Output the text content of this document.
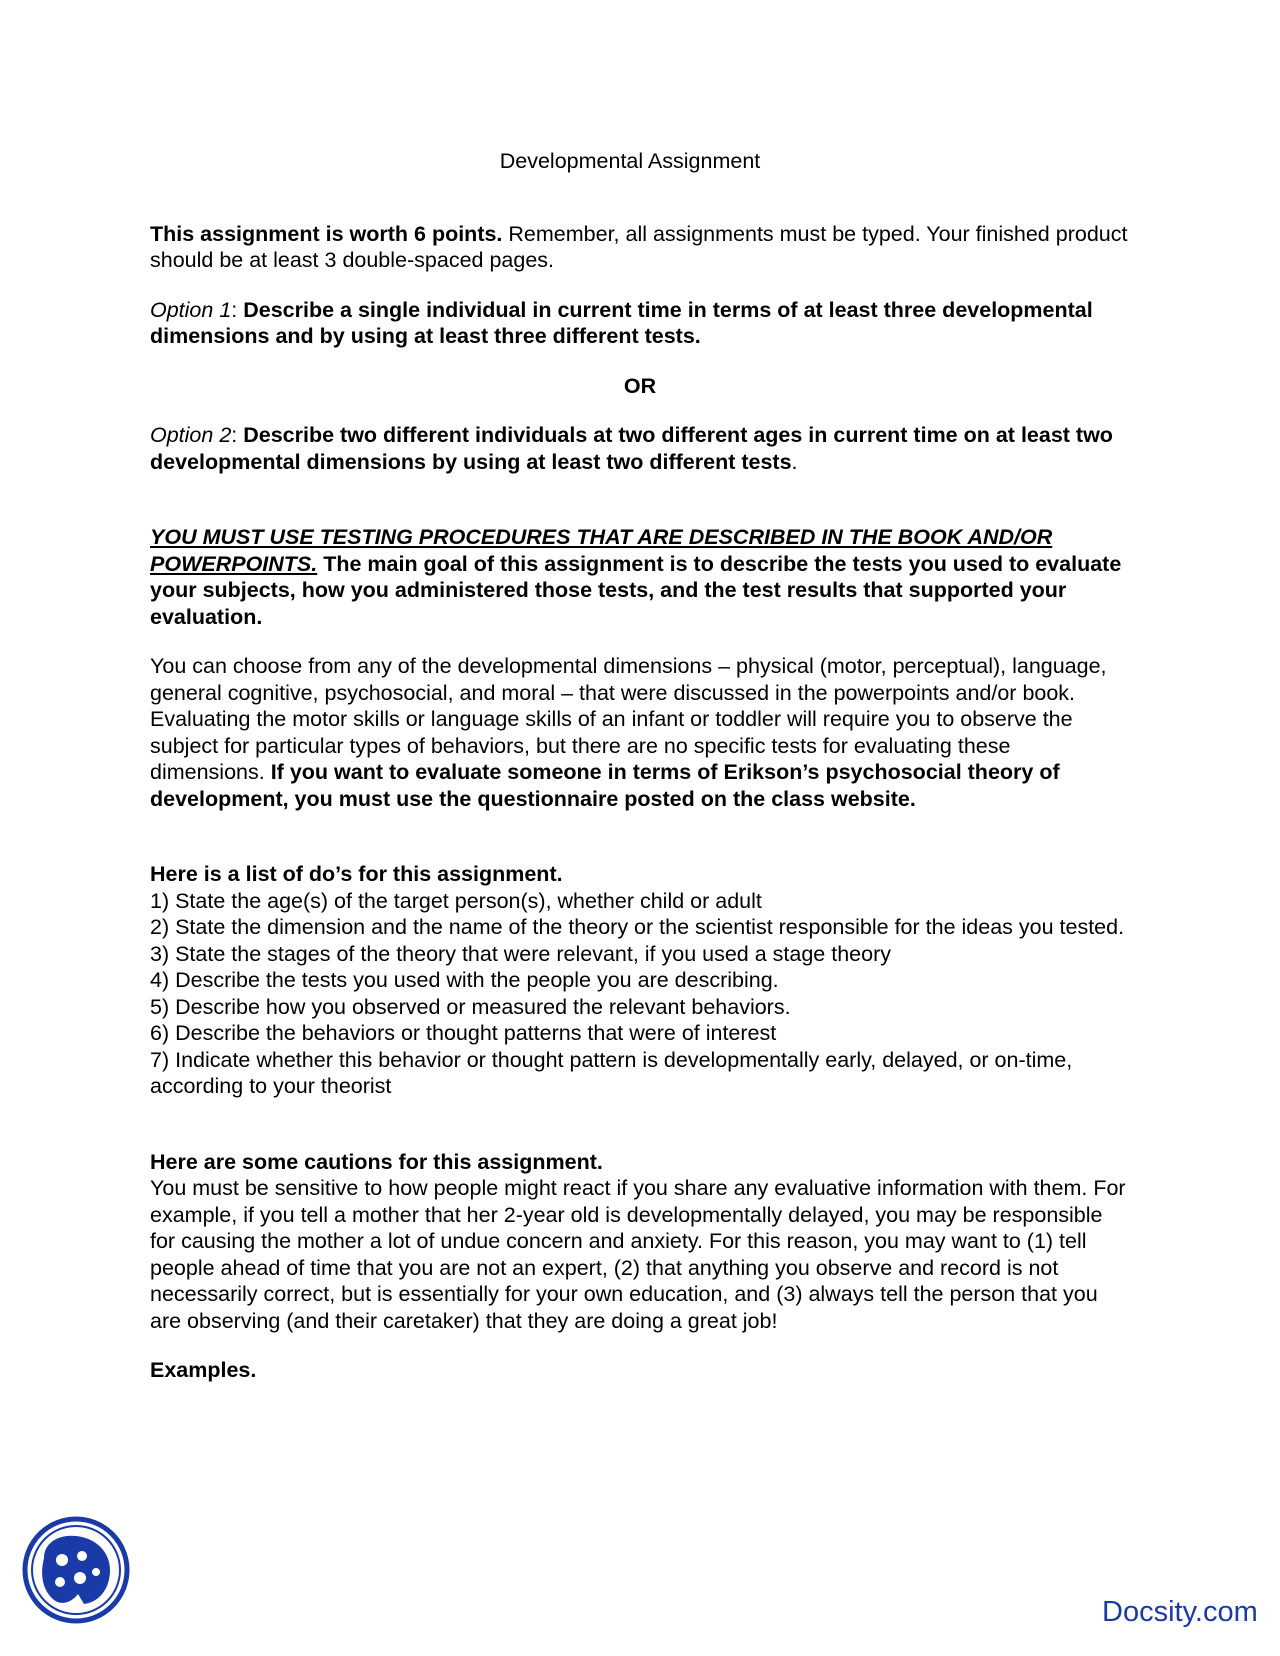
Developmental Assignment

This assignment is worth 6 points. Remember, all assignments must be typed. Your finished product should be at least 3 double-spaced pages.

Option 1: Describe a single individual in current time in terms of at least three developmental dimensions and by using at least three different tests.

OR

Option 2: Describe two different individuals at two different ages in current time on at least two developmental dimensions by using at least two different tests.

YOU MUST USE TESTING PROCEDURES THAT ARE DESCRIBED IN THE BOOK AND/OR POWERPOINTS. The main goal of this assignment is to describe the tests you used to evaluate your subjects, how you administered those tests, and the test results that supported your evaluation.

You can choose from any of the developmental dimensions – physical (motor, perceptual), language, general cognitive, psychosocial, and moral – that were discussed in the powerpoints and/or book. Evaluating the motor skills or language skills of an infant or toddler will require you to observe the subject for particular types of behaviors, but there are no specific tests for evaluating these dimensions. If you want to evaluate someone in terms of Erikson’s psychosocial theory of development, you must use the questionnaire posted on the class website.

Here is a list of do’s for this assignment.

1) State the age(s) of the target person(s), whether child or adult
2) State the dimension and the name of the theory or the scientist responsible for the ideas you tested.
3) State the stages of the theory that were relevant, if you used a stage theory
4) Describe the tests you used with the people you are describing.
5) Describe how you observed or measured the relevant behaviors.
6) Describe the behaviors or thought patterns that were of interest
7) Indicate whether this behavior or thought pattern is developmentally early, delayed, or on-time, according to your theorist

Here are some cautions for this assignment.

You must be sensitive to how people might react if you share any evaluative information with them. For example, if you tell a mother that her 2-year old is developmentally delayed, you may be responsible for causing the mother a lot of undue concern and anxiety. For this reason, you may want to (1) tell people ahead of time that you are not an expert, (2) that anything you observe and record is not necessarily correct, but is essentially for your own education, and (3) always tell the person that you are observing (and their caretaker) that they are doing a great job!

Examples.

Docsity.com
